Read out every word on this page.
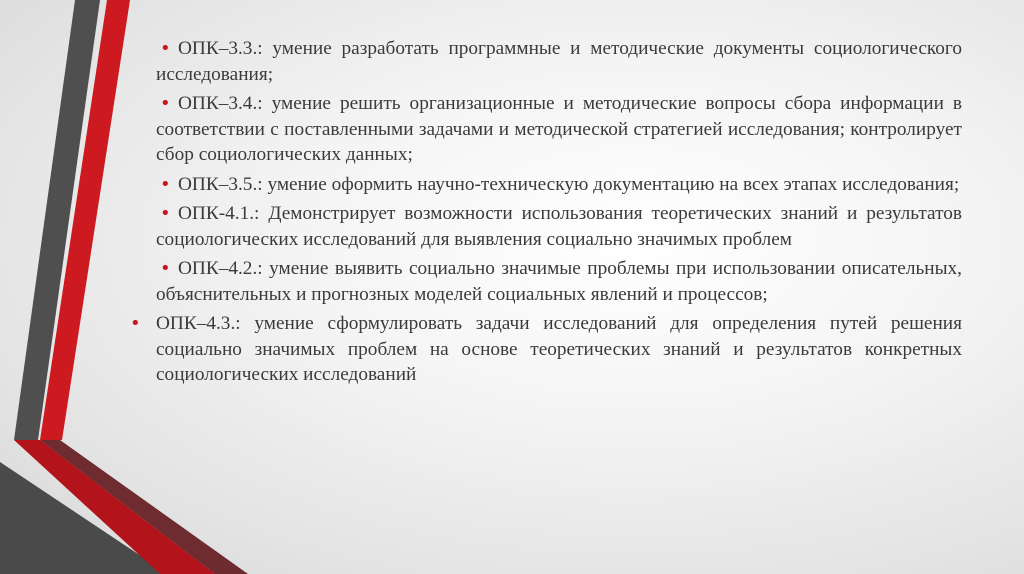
• ОПК–3.3.: умение разработать программные и методические документы социологического исследования;
• ОПК–3.4.: умение решить организационные и методические вопросы сбора информации в соответствии с поставленными задачами и методической стратегией исследования; контролирует сбор социологических данных;
• ОПК–3.5.: умение оформить научно-техническую документацию на всех этапах исследования;
• ОПК-4.1.: Демонстрирует возможности использования теоретических знаний и результатов социологических исследований для выявления социально значимых проблем
• ОПК–4.2.: умение выявить социально значимые проблемы при использовании описательных, объяснительных и прогнозных моделей социальных явлений и процессов;
• ОПК–4.3.: умение сформулировать задачи исследований для определения путей решения социально значимых проблем на основе теоретических знаний и результатов конкретных социологических исследований
